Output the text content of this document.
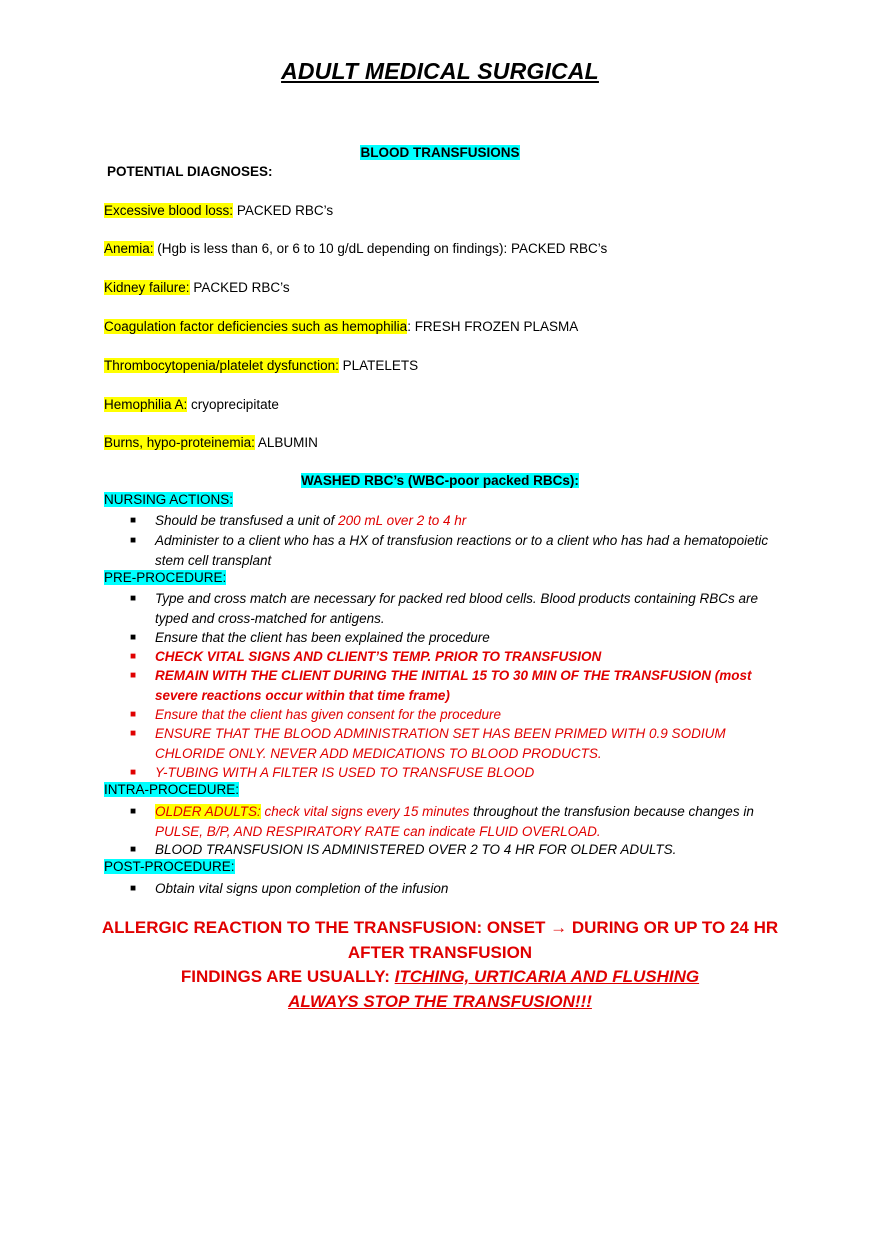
ADULT MEDICAL SURGICAL
BLOOD TRANSFUSIONS
POTENTIAL DIAGNOSES:
Excessive blood loss: PACKED RBC’s
Anemia: (Hgb is less than 6, or 6 to 10 g/dL depending on findings): PACKED RBC’s
Kidney failure: PACKED RBC’s
Coagulation factor deficiencies such as hemophilia: FRESH FROZEN PLASMA
Thrombocytopenia/platelet dysfunction: PLATELETS
Hemophilia A: cryoprecipitate
Burns, hypo-proteinemia: ALBUMIN
WASHED RBC’s (WBC-poor packed RBCs):
NURSING ACTIONS:
■ Should be transfused a unit of 200 mL over 2 to 4 hr
■ Administer to a client who has a HX of transfusion reactions or to a client who has had a hematopoietic stem cell transplant
PRE-PROCEDURE:
■ Type and cross match are necessary for packed red blood cells. Blood products containing RBCs are typed and cross-matched for antigens.
■ Ensure that the client has been explained the procedure
■ CHECK VITAL SIGNS AND CLIENT’S TEMP. PRIOR TO TRANSFUSION
■ REMAIN WITH THE CLIENT DURING THE INITIAL 15 TO 30 MIN OF THE TRANSFUSION (most severe reactions occur within that time frame)
■ Ensure that the client has given consent for the procedure
■ ENSURE THAT THE BLOOD ADMINISTRATION SET HAS BEEN PRIMED WITH 0.9 SODIUM CHLORIDE ONLY. NEVER ADD MEDICATIONS TO BLOOD PRODUCTS.
■ Y-TUBING WITH A FILTER IS USED TO TRANSFUSE BLOOD
INTRA-PROCEDURE:
■ OLDER ADULTS: check vital signs every 15 minutes throughout the transfusion because changes in PULSE, B/P, AND RESPIRATORY RATE can indicate FLUID OVERLOAD.
■ BLOOD TRANSFUSION IS ADMINISTERED OVER 2 TO 4 HR FOR OLDER ADULTS.
POST-PROCEDURE:
■ Obtain vital signs upon completion of the infusion
ALLERGIC REACTION TO THE TRANSFUSION: ONSET → DURING OR UP TO 24 HR
AFTER TRANSFUSION
FINDINGS ARE USUALLY: ITCHING, URTICARIA AND FLUSHING
ALWAYS STOP THE TRANSFUSION!!!
